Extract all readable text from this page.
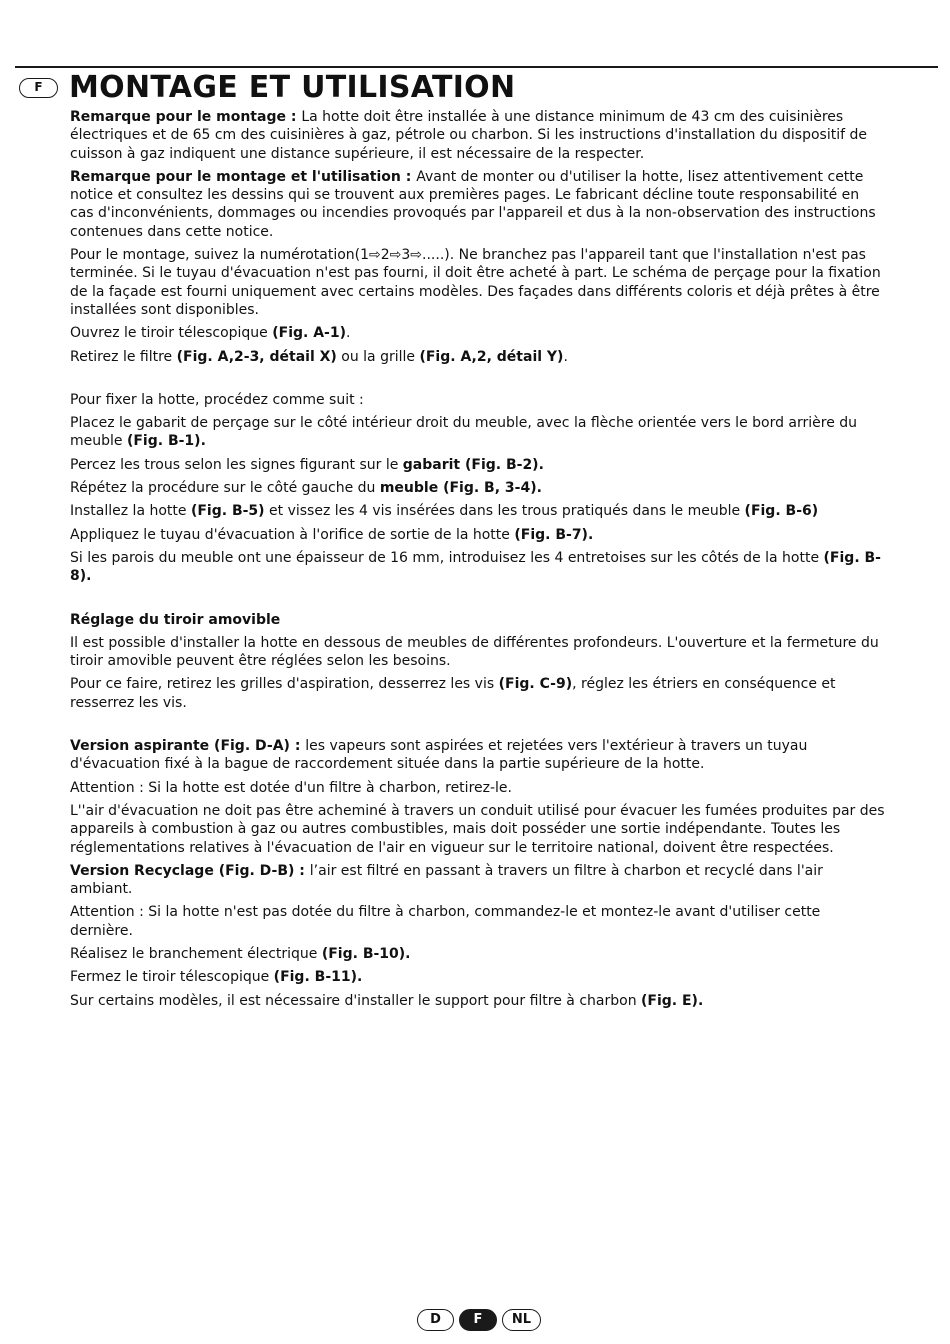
F MONTAGE ET UTILISATION

Remarque pour le montage : La hotte doit être installée à une distance minimum de 43 cm des cuisinières électriques et de 65 cm des cuisinières à gaz, pétrole ou charbon. Si les instructions d'installation du dispositif de cuisson à gaz indiquent une distance supérieure, il est nécessaire de la respecter.

Remarque pour le montage et l'utilisation : Avant de monter ou d'utiliser la hotte, lisez attentivement cette notice et consultez les dessins qui se trouvent aux premières pages. Le fabricant décline toute responsabilité en cas d'inconvénients, dommages ou incendies provoqués par l'appareil et dus à la non-observation des instructions contenues dans cette notice.

Pour le montage, suivez la numérotation(1⇨2⇨3⇨.....). Ne branchez pas l'appareil tant que l'installation n'est pas terminée. Si le tuyau d'évacuation n'est pas fourni, il doit être acheté à part. Le schéma de perçage pour la fixation de la façade est fourni uniquement avec certains modèles. Des façades dans différents coloris et déjà prêtes à être installées sont disponibles.

Ouvrez le tiroir télescopique (Fig. A-1).

Retirez le filtre (Fig. A,2-3, détail X) ou la grille (Fig. A,2, détail Y).

Pour fixer la hotte, procédez comme suit :

Placez le gabarit de perçage sur le côté intérieur droit du meuble, avec la flèche orientée vers le bord arrière du meuble (Fig. B-1).

Percez les trous selon les signes figurant sur le gabarit (Fig. B-2).

Répétez la procédure sur le côté gauche du meuble (Fig. B, 3-4).

Installez la hotte (Fig. B-5) et vissez les 4 vis insérées dans les trous pratiqués dans le meuble (Fig. B-6)

Appliquez le tuyau d'évacuation à l'orifice de sortie de la hotte (Fig. B-7).

Si les parois du meuble ont une épaisseur de 16 mm, introduisez les 4 entretoises sur les côtés de la hotte (Fig. B-8).

Réglage du tiroir amovible

Il est possible d'installer la hotte en dessous de meubles de différentes profondeurs. L'ouverture et la fermeture du tiroir amovible peuvent être réglées selon les besoins.

Pour ce faire, retirez les grilles d'aspiration, desserrez les vis (Fig. C-9), réglez les étriers en conséquence et resserrez les vis.

Version aspirante (Fig. D-A) : les vapeurs sont aspirées et rejetées vers l'extérieur à travers un tuyau d'évacuation fixé à la bague de raccordement située dans la partie supérieure de la hotte.

Attention : Si la hotte est dotée d'un filtre à charbon, retirez-le.

L''air d'évacuation ne doit pas être acheminé à travers un conduit utilisé pour évacuer les fumées produites par des appareils à combustion à gaz ou autres combustibles, mais doit posséder une sortie indépendante. Toutes les réglementations relatives à l'évacuation de l'air en vigueur sur le territoire national, doivent être respectées.

Version Recyclage (Fig. D-B) : l’air est filtré en passant à travers un filtre à charbon et recyclé dans l'air ambiant.

Attention : Si la hotte n'est pas dotée du filtre à charbon, commandez-le et montez-le avant d'utiliser cette dernière.

Réalisez le branchement électrique (Fig. B-10).

Fermez le tiroir télescopique (Fig. B-11).

Sur certains modèles, il est nécessaire d'installer le support pour filtre à charbon (Fig. E).

D	F	NL
